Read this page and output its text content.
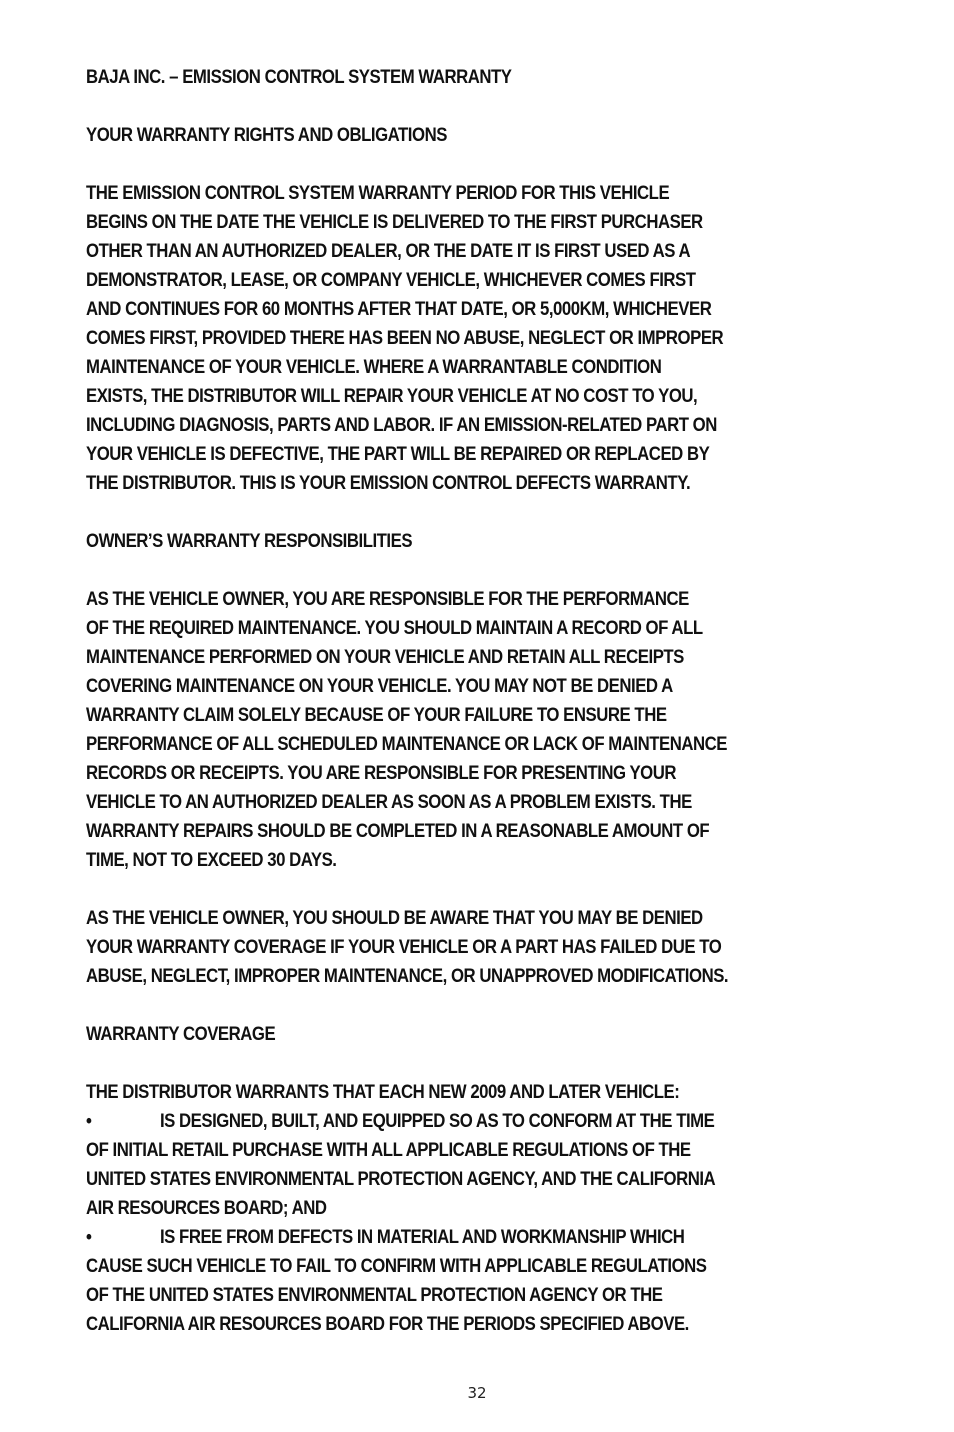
BAJA INC. – EMISSION CONTROL SYSTEM WARRANTY
YOUR WARRANTY RIGHTS AND OBLIGATIONS
THE EMISSION CONTROL SYSTEM WARRANTY PERIOD FOR THIS VEHICLE
BEGINS ON THE DATE THE VEHICLE IS DELIVERED TO THE FIRST PURCHASER
OTHER THAN AN AUTHORIZED DEALER, OR THE DATE IT IS FIRST USED AS A
DEMONSTRATOR, LEASE, OR COMPANY VEHICLE, WHICHEVER COMES FIRST
AND CONTINUES FOR 60 MONTHS AFTER THAT DATE, OR 5,000KM, WHICHEVER
COMES FIRST, PROVIDED THERE HAS BEEN NO ABUSE, NEGLECT OR IMPROPER
MAINTENANCE OF YOUR VEHICLE. WHERE A WARRANTABLE CONDITION
EXISTS, THE DISTRIBUTOR WILL REPAIR YOUR VEHICLE AT NO COST TO YOU,
INCLUDING DIAGNOSIS, PARTS AND LABOR. IF AN EMISSION-RELATED PART ON
YOUR VEHICLE IS DEFECTIVE, THE PART WILL BE REPAIRED OR REPLACED BY
THE DISTRIBUTOR. THIS IS YOUR EMISSION CONTROL DEFECTS WARRANTY.
OWNER’S WARRANTY RESPONSIBILITIES
AS THE VEHICLE OWNER, YOU ARE RESPONSIBLE FOR THE PERFORMANCE
OF THE REQUIRED MAINTENANCE. YOU SHOULD MAINTAIN A RECORD OF ALL
MAINTENANCE PERFORMED ON YOUR VEHICLE AND RETAIN ALL RECEIPTS
COVERING MAINTENANCE ON YOUR VEHICLE. YOU MAY NOT BE DENIED A
WARRANTY CLAIM SOLELY BECAUSE OF YOUR FAILURE TO ENSURE THE
PERFORMANCE OF ALL SCHEDULED MAINTENANCE OR LACK OF MAINTENANCE
RECORDS OR RECEIPTS. YOU ARE RESPONSIBLE FOR PRESENTING YOUR
VEHICLE TO AN AUTHORIZED DEALER AS SOON AS A PROBLEM EXISTS. THE
WARRANTY REPAIRS SHOULD BE COMPLETED IN A REASONABLE AMOUNT OF
TIME, NOT TO EXCEED 30 DAYS.
AS THE VEHICLE OWNER, YOU SHOULD BE AWARE THAT YOU MAY BE DENIED
YOUR WARRANTY COVERAGE IF YOUR VEHICLE OR A PART HAS FAILED DUE TO
ABUSE, NEGLECT, IMPROPER MAINTENANCE, OR UNAPPROVED MODIFICATIONS.
WARRANTY COVERAGE
THE DISTRIBUTOR WARRANTS THAT EACH NEW 2009 AND LATER VEHICLE:
•	IS DESIGNED, BUILT, AND EQUIPPED SO AS TO CONFORM AT THE TIME
OF INITIAL RETAIL PURCHASE WITH ALL APPLICABLE REGULATIONS OF THE
UNITED STATES ENVIRONMENTAL PROTECTION AGENCY, AND THE CALIFORNIA
AIR RESOURCES BOARD; AND
•	IS FREE FROM DEFECTS IN MATERIAL AND WORKMANSHIP WHICH
CAUSE SUCH VEHICLE TO FAIL TO CONFIRM WITH APPLICABLE REGULATIONS
OF THE UNITED STATES ENVIRONMENTAL PROTECTION AGENCY OR THE
CALIFORNIA AIR RESOURCES BOARD FOR THE PERIODS SPECIFIED ABOVE.
32
